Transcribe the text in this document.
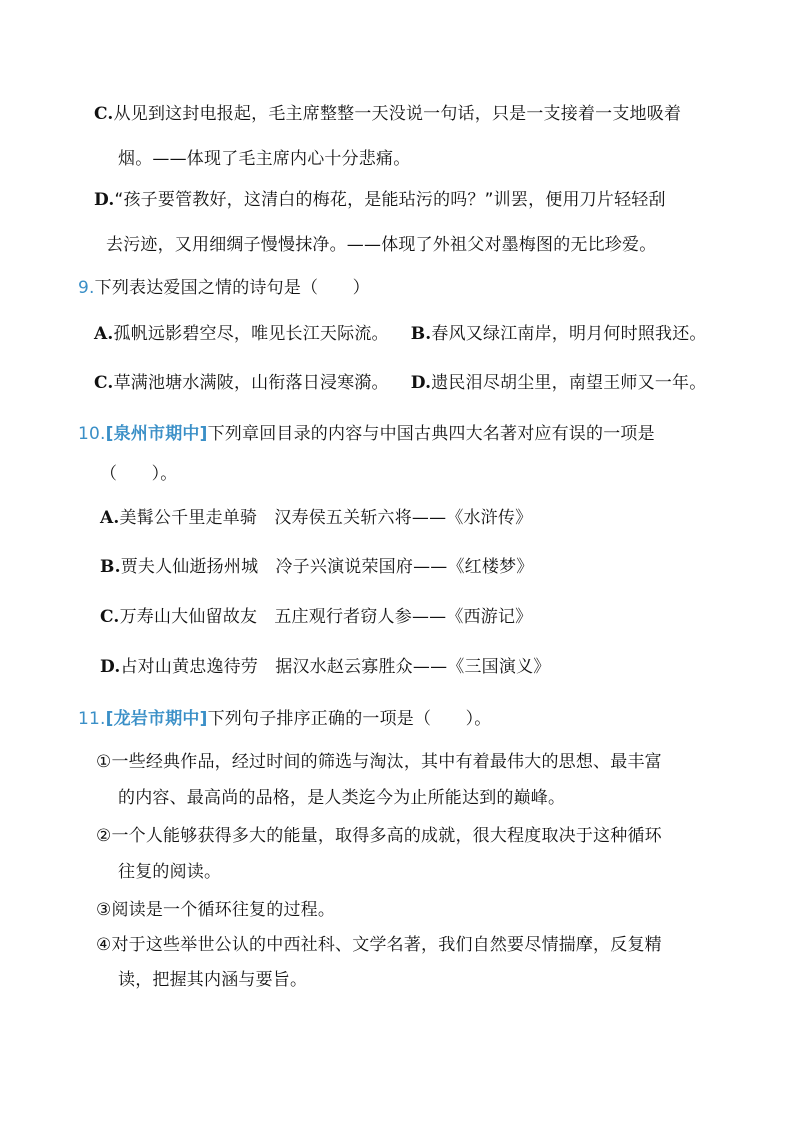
C.从见到这封电报起，毛主席整整一天没说一句话，只是一支接着一支地吸着
烟。——体现了毛主席内心十分悲痛。
D.“孩子要管教好，这清白的梅花，是能玷污的吗？”训罢，便用刀片轻轻刮
去污迹，又用细绸子慢慢抹净。——体现了外祖父对墨梅图的无比珍爱。
9.下列表达爱国之情的诗句是（　　）
A.孤帆远影碧空尽，唯见长江天际流。 B.春风又绿江南岸，明月何时照我还。
C.草满池塘水满陂，山衔落日浸寒漪。 D.遗民泪尽胡尘里，南望王师又一年。
10.[泉州市期中]下列章回目录的内容与中国古典四大名著对应有误的一项是
（　　）。
A.美髯公千里走单骑　汉寿侯五关斩六将——《水浒传》
B.贾夫人仙逝扬州城　冷子兴演说荣国府——《红楼梦》
C.万寿山大仙留故友　五庄观行者窃人参——《西游记》
D.占对山黄忠逸待劳　据汉水赵云寡胜众——《三国演义》
11.[龙岩市期中]下列句子排序正确的一项是（　　）。
①一些经典作品，经过时间的筛选与淘汰，其中有着最伟大的思想、最丰富
的内容、最高尚的品格，是人类迄今为止所能达到的巅峰。
②一个人能够获得多大的能量，取得多高的成就，很大程度取决于这种循环
往复的阅读。
③阅读是一个循环往复的过程。
④对于这些举世公认的中西社科、文学名著，我们自然要尽情揣摩，反复精
读，把握其内涵与要旨。
